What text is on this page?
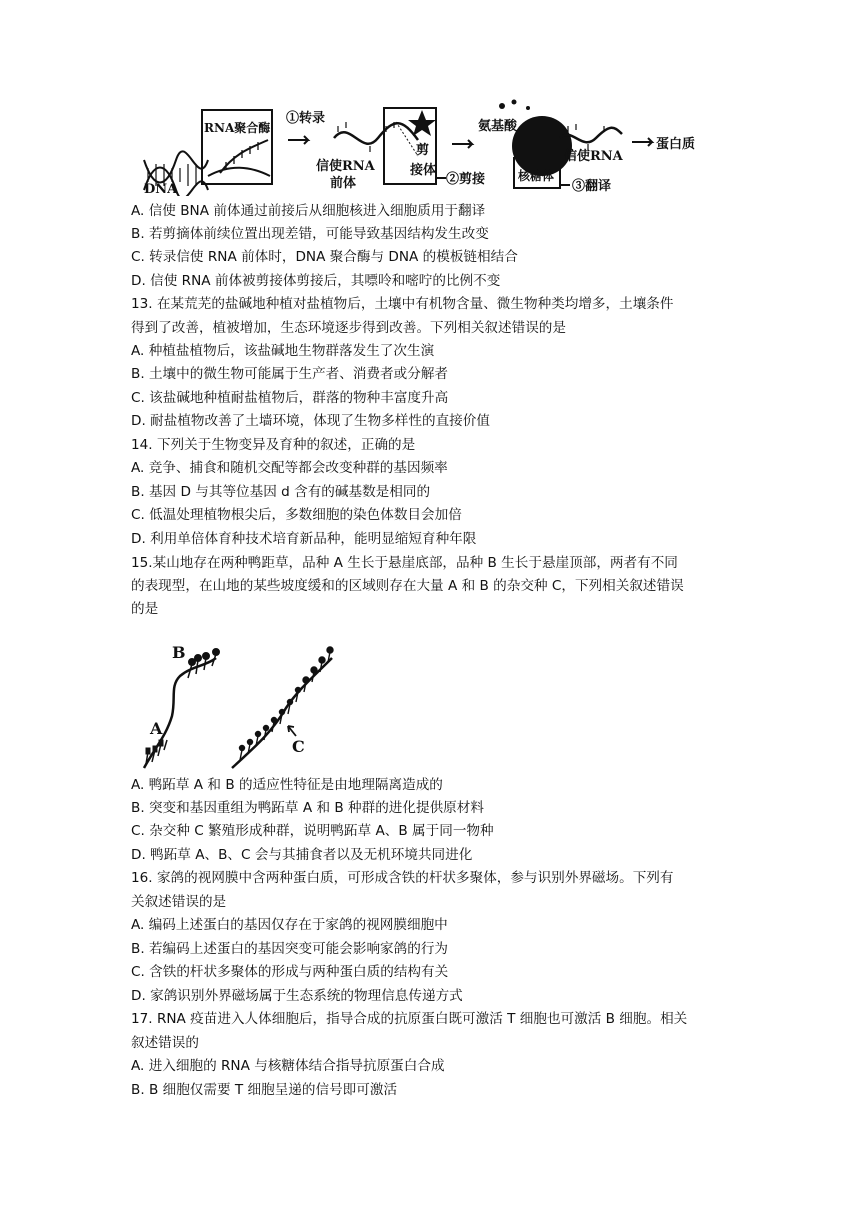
DNA
RNA聚合酶
①转录
信使RNA
前体
剪
接体
②剪接
氨基酸
核糖体
信使RNA
③翻译
蛋白质
A. 信使 BNA 前体通过前接后从细胞核进入细胞质用于翻译
B. 若剪摘体前续位置出现差错，可能导致基因结构发生改变
C. 转录信使 RNA 前体时，DNA 聚合酶与 DNA 的模板链相结合
D. 信使 RNA 前体被剪接体剪接后，其嘌呤和嘧咛的比例不变
13. 在某荒芜的盐碱地种植对盐植物后，土壤中有机物含量、微生物种类均增多，土壤条件
得到了改善，植被增加，生态环境逐步得到改善。下列相关叙述错误的是
A. 种植盐植物后，该盐碱地生物群落发生了次生演
B. 土壤中的微生物可能属于生产者、消费者或分解者
C. 该盐碱地种植耐盐植物后，群落的物种丰富度升高
D. 耐盐植物改善了土墙环境，体现了生物多样性的直接价值
14. 下列关于生物变异及育种的叙述，正确的是
A. 竞争、捕食和随机交配等都会改变种群的基因频率
B. 基因 D 与其等位基因 d 含有的碱基数是相同的
C. 低温处理植物根尖后，多数细胞的染色体数目会加倍
D. 利用单倍体育种技术培育新品种，能明显缩短育种年限
15.某山地存在两种鸭距草，品种 A 生长于悬崖底部，品种 B 生长于悬崖顶部，两者有不同
的表现型，在山地的某些坡度缓和的区域则存在大量 A 和 B 的杂交种 C，下列相关叙述错误
的是
B
A
C
A. 鸭跖草 A 和 B 的适应性特征是由地理隔离造成的
B. 突变和基因重组为鸭跖草 A 和 B 种群的进化提供原材料
C. 杂交种 C 繁殖形成种群，说明鸭跖草 A、B 属于同一物种
D. 鸭跖草 A、B、C 会与其捕食者以及无机环境共同进化
16. 家鸽的视网膜中含两种蛋白质，可形成含铁的杆状多聚体，参与识别外界磁场。下列有
关叙述错误的是
A. 编码上述蛋白的基因仅存在于家鸽的视网膜细胞中
B. 若编码上述蛋白的基因突变可能会影响家鸽的行为
C. 含铁的杆状多聚体的形成与两种蛋白质的结构有关
D. 家鸽识别外界磁场属于生态系统的物理信息传递方式
17. RNA 疫苗进入人体细胞后，指导合成的抗原蛋白既可激活 T 细胞也可激活 B 细胞。相关
叙述错误的
A. 进入细胞的 RNA 与核糖体结合指导抗原蛋白合成
B. B 细胞仅需要 T 细胞呈递的信号即可激活
